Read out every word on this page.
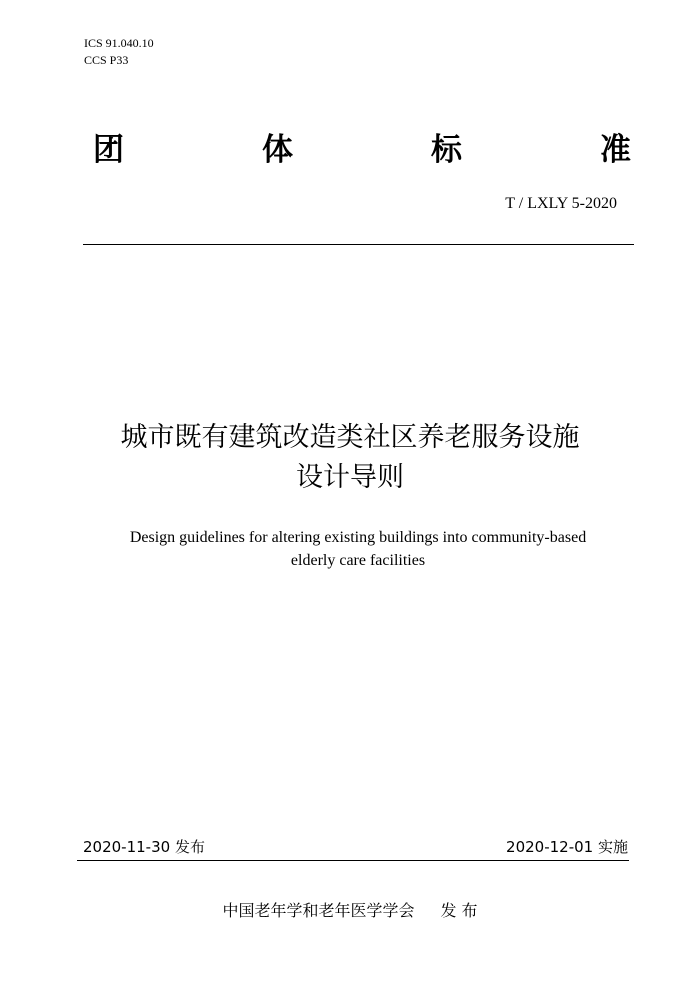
ICS 91.040.10
CCS P33
团	体	标	准
T / LXLY 5-2020
城市既有建筑改造类社区养老服务设施
设计导则
Design guidelines for altering existing buildings into community-based
elderly care facilities
2020-11-30 发布	2020-12-01 实施
中国老年学和老年医学学会 发 布
